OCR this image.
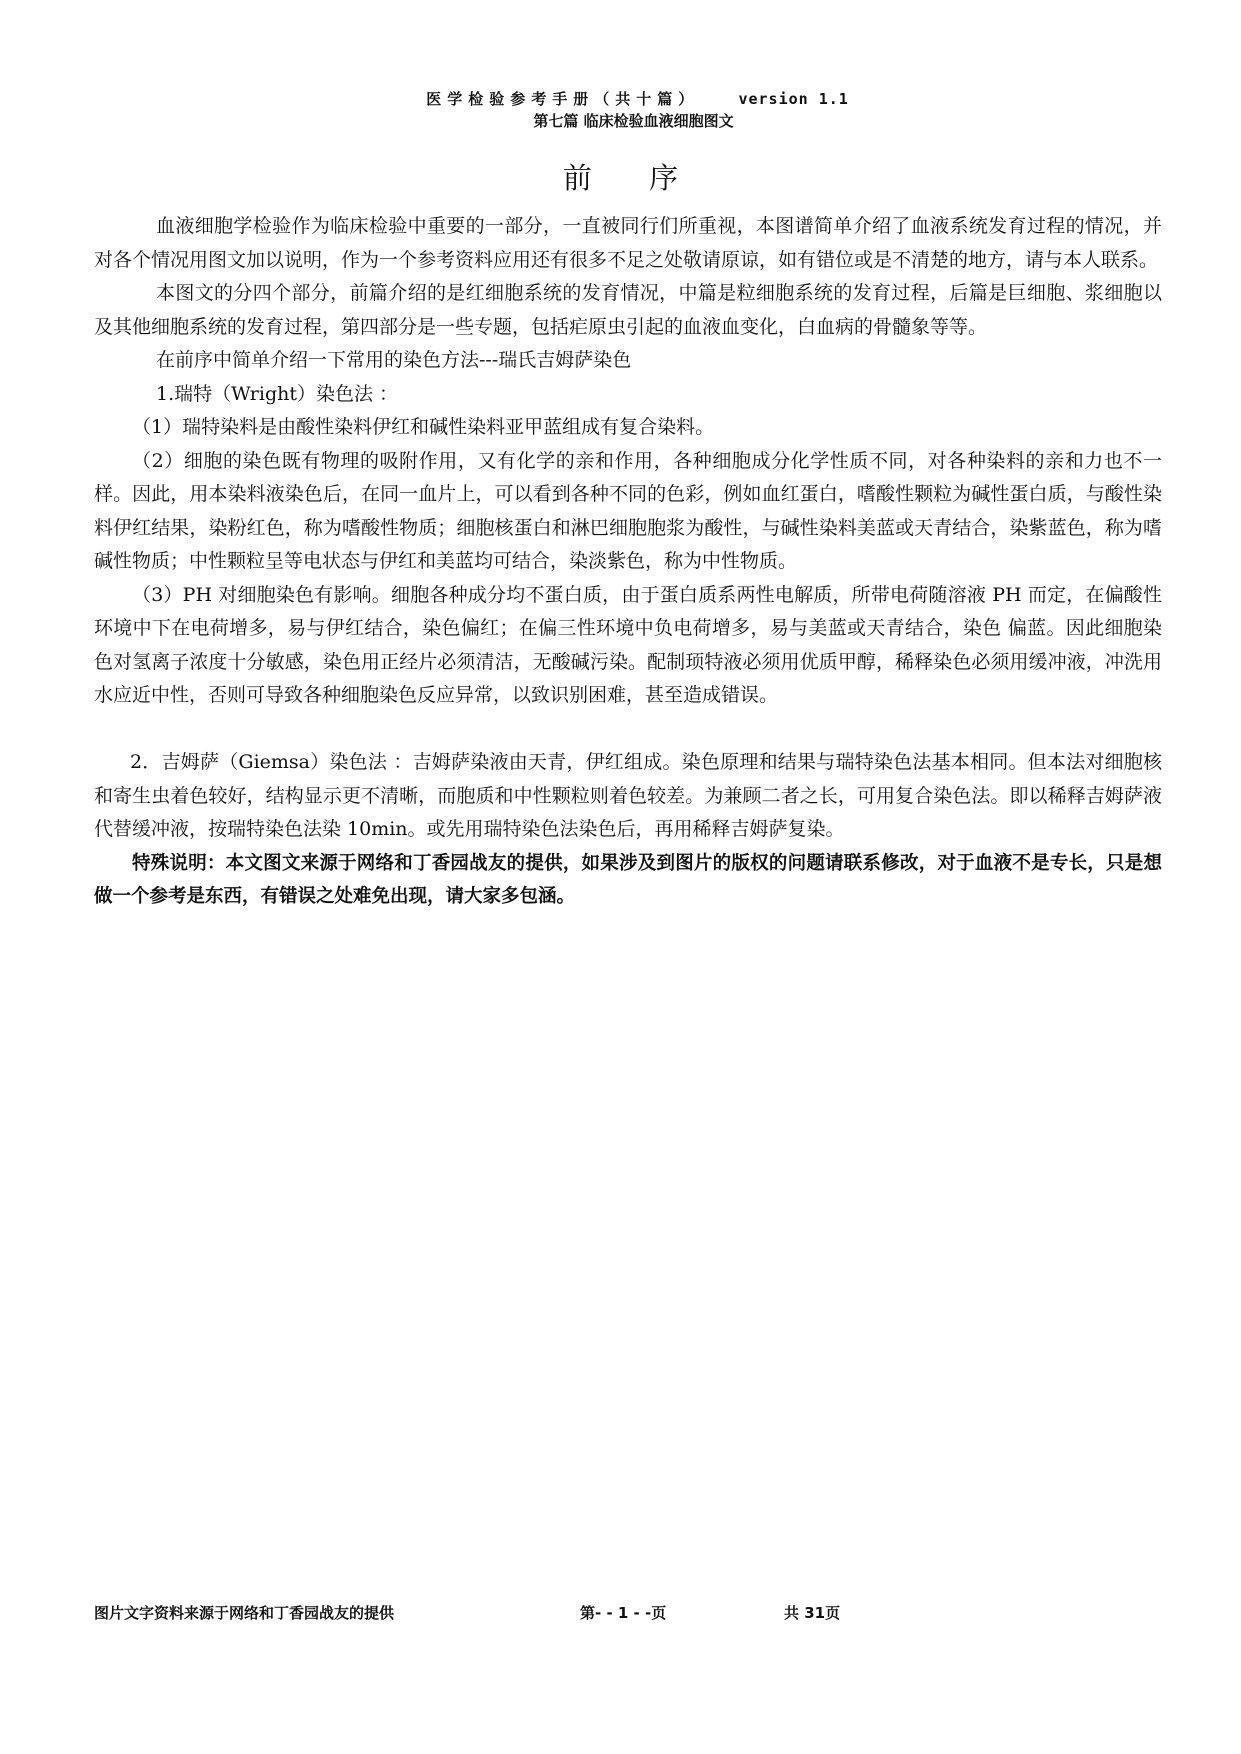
医学检验参考手册（共十篇）	version 1.1
第七篇 临床检验血液细胞图文
前 序

血液细胞学检验作为临床检验中重要的一部分，一直被同行们所重视，本图谱简单介绍了血液系统发育过程的情况，并对各个情况用图文加以说明，作为一个参考资料应用还有很多不足之处敬请原谅，如有错位或是不清楚的地方，请与本人联系。

本图文的分四个部分，前篇介绍的是红细胞系统的发育情况，中篇是粒细胞系统的发育过程，后篇是巨细胞、浆细胞以及其他细胞系统的发育过程，第四部分是一些专题，包括疟原虫引起的血液血变化，白血病的骨髓象等等。

在前序中简单介绍一下常用的染色方法---瑞氏吉姆萨染色

1.瑞特（Wright）染色法 ：

（1）瑞特染料是由酸性染料伊红和碱性染料亚甲蓝组成有复合染料。

（2）细胞的染色既有物理的吸附作用，又有化学的亲和作用，各种细胞成分化学性质不同，对各种染料的亲和力也不一样。因此，用本染料液染色后，在同一血片上，可以看到各种不同的色彩，例如血红蛋白，嗜酸性颗粒为碱性蛋白质，与酸性染料伊红结果，染粉红色，称为嗜酸性物质；细胞核蛋白和淋巴细胞胞浆为酸性，与碱性染料美蓝或天青结合，染紫蓝色，称为嗜碱性物质；中性颗粒呈等电状态与伊红和美蓝均可结合，染淡紫色，称为中性物质。

（3）PH 对细胞染色有影响。细胞各种成分均不蛋白质，由于蛋白质系两性电解质，所带电荷随溶液 PH 而定，在偏酸性环境中下在电荷增多，易与伊红结合，染色偏红；在偏三性环境中负电荷增多，易与美蓝或天青结合，染色 偏蓝。因此细胞染色对氢离子浓度十分敏感，染色用正经片必须清洁，无酸碱污染。配制顼特液必须用优质甲醇，稀释染色必须用缓冲液，冲洗用水应近中性，否则可导致各种细胞染色反应异常，以致识别困难，甚至造成错误。

2．吉姆萨（Giemsa）染色法 ：吉姆萨染液由天青，伊红组成。染色原理和结果与瑞特染色法基本相同。但本法对细胞核和寄生虫着色较好，结构显示更不清晰，而胞质和中性颗粒则着色较差。为兼顾二者之长，可用复合染色法。即以稀释吉姆萨液代替缓冲液，按瑞特染色法染 10min。或先用瑞特染色法染色后，再用稀释吉姆萨复染。

特殊说明：本文图文来源于网络和丁香园战友的提供，如果涉及到图片的版权的问题请联系修改，对于血液不是专长，只是想做一个参考是东西，有错误之处难免出现，请大家多包涵。

图片文字资料来源于网络和丁香园战友的提供	第- - 1 - -页	共 31页
